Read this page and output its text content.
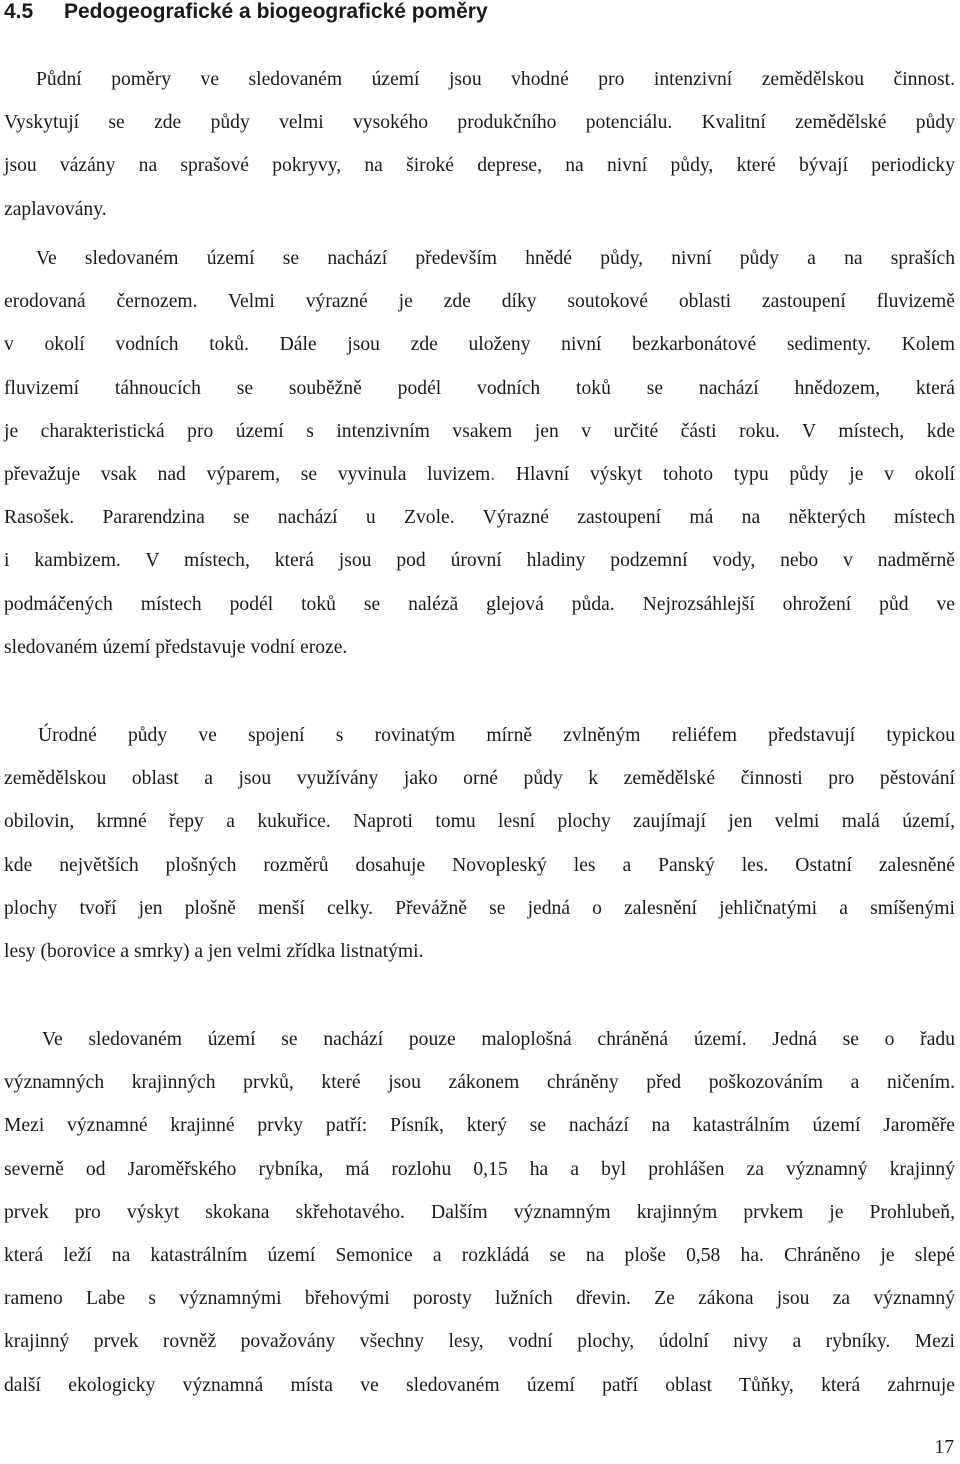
4.5 Pedogeografické a biogeografické poměry

Půdní poměry ve sledovaném území jsou vhodné pro intenzivní zemědělskou činnost.
Vyskytují se zde půdy velmi vysokého produkčního potenciálu. Kvalitní zemědělské půdy
jsou vázány na sprašové pokryvy, na široké deprese, na nivní půdy, které bývají periodicky
zaplavovány.

Ve sledovaném území se nachází především hnědé půdy, nivní půdy a na spraších
erodovaná černozem. Velmi výrazné je zde díky soutokové oblasti zastoupení fluvizemě
v okolí vodních toků. Dále jsou zde uloženy nivní bezkarbonátové sedimenty. Kolem
fluvizemí táhnoucích se souběžně podél vodních toků se nachází hnědozem, která
je charakteristická pro území s intenzivním vsakem jen v určité části roku. V místech, kde
převažuje vsak nad výparem, se vyvinula luvizem. Hlavní výskyt tohoto typu půdy je v okolí
Rasošek. Pararendzina se nachází u Zvole. Výrazné zastoupení má na některých místech
i kambizem. V místech, která jsou pod úrovní hladiny podzemní vody, nebo v nadměrně
podmáčených místech podél toků se naléză glejová půda. Nejrozsáhlejší ohrožení půd ve
sledovaném území představuje vodní eroze.

Úrodné půdy ve spojení s rovinatým mírně zvlněným reliéfem představují typickou
zemědělskou oblast a jsou využívány jako orné půdy k zemědělské činnosti pro pěstování
obilovin, krmné řepy a kukuřice. Naproti tomu lesní plochy zaujímají jen velmi malá území,
kde největších plošných rozměrů dosahuje Novopleský les a Panský les. Ostatní zalesněné
plochy tvoří jen plošně menší celky. Převážně se jedná o zalesnění jehličnatými a smíšenými
lesy (borovice a smrky) a jen velmi zřídka listnatými.

Ve sledovaném území se nachází pouze maloplošná chráněná území. Jedná se o řadu
významných krajinných prvků, které jsou zákonem chráněny před poškozováním a ničením.
Mezi významné krajinné prvky patří: Písník, který se nachází na katastrálním území Jaroměře
severně od Jaroměřského rybníka, má rozlohu 0,15 ha a byl prohlášen za významný krajinný
prvek pro výskyt skokana skřehotavého. Dalším významným krajinným prvkem je Prohlubeň,
která leží na katastrálním území Semonice a rozkládá se na ploše 0,58 ha. Chráněno je slepé
rameno Labe s významnými břehovými porosty lužních dřevin. Ze zákona jsou za významný
krajinný prvek rovněž považovány všechny lesy, vodní plochy, údolní nivy a rybníky. Mezi
další ekologicky významná místa ve sledovaném území patří oblast Tůňky, která zahrnuje

17
